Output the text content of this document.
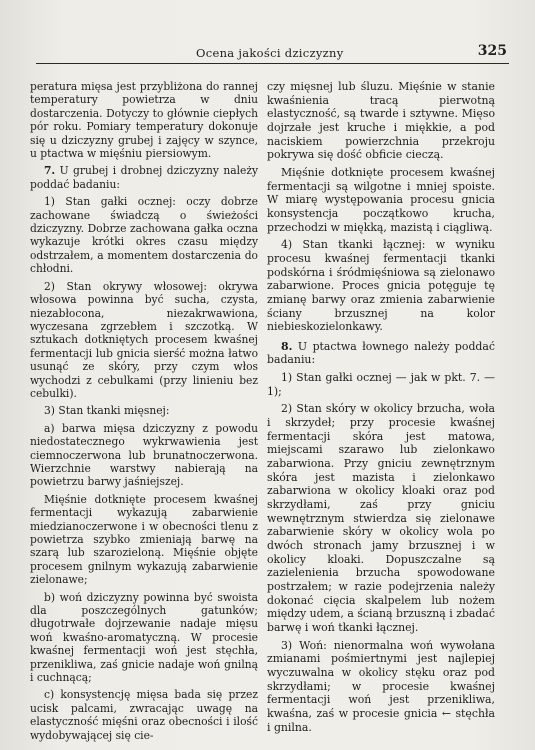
Ocena jakości dziczyzny	325

peratura mięsa jest przybliżona do rannej temperatury powietrza w dniu dostarczenia. Dotyczy to głównie ciepłych pór roku. Pomiary temperatury dokonuje się u dziczyzny grubej i zajęcy w szynce, u ptactwa w mięśniu piersiowym.

7. U grubej i drobnej dziczyzny należy poddać badaniu:

1) Stan gałki ocznej: oczy dobrze zachowane świadczą o świeżości dziczyzny. Dobrze zachowana gałka oczna wykazuje krótki okres czasu między odstrzałem, a momentem dostarczenia do chłodni.

2) Stan okrywy włosowej: okrywa włosowa powinna być sucha, czysta, niezabłocona, niezakrwawiona, wyczesana zgrzebłem i szczotką. W sztukach dotkniętych procesem kwaśnej fermentacji lub gnicia sierść można łatwo usunąć ze skóry, przy czym włos wychodzi z cebulkami (przy linieniu bez cebulki).

3) Stan tkanki mięsnej:

a) barwa mięsa dziczyzny z powodu niedostatecznego wykrwawienia jest ciemnoczerwona lub brunatnoczerwona. Wierzchnie warstwy nabierają na powietrzu barwy jaśniejszej.

Mięśnie dotknięte procesem kwaśnej fermentacji wykazują zabarwienie miedzianoczerwone i w obecności tlenu z powietrza szybko zmieniają barwę na szarą lub szarozieloną. Mięśnie objęte procesem gnilnym wykazują zabarwienie zielonawe;

b) woń dziczyzny powinna być swoista dla poszczególnych gatunków; długotrwałe dojrzewanie nadaje mięsu woń kwaśno-aromatyczną. W procesie kwaśnej fermentacji woń jest stęchła, przenikliwa, zaś gnicie nadaje woń gnilną i cuchnącą;

c) konsystencję mięsa bada się przez ucisk palcami, zwracając uwagę na elastyczność mięśni oraz obecności i ilość wydobywającej się cie-

czy mięsnej lub śluzu. Mięśnie w stanie kwaśnienia tracą pierwotną elastyczność, są twarde i sztywne. Mięso dojrzałe jest kruche i miękkie, a pod naciskiem powierzchnia przekroju pokrywa się dość obficie cieczą.

Mięśnie dotknięte procesem kwaśnej fermentacji są wilgotne i mniej spoiste. W miarę występowania procesu gnicia konsystencja początkowo krucha, przechodzi w miękką, mazistą i ciągliwą.

4) Stan tkanki łącznej: w wyniku procesu kwaśnej fermentacji tkanki podskórna i śródmięśniowa są zielonawo zabarwione. Proces gnicia potęguje tę zmianę barwy oraz zmienia zabarwienie ściany brzusznej na kolor niebieskozielonkawy.

8. U ptactwa łownego należy poddać badaniu:

1) Stan gałki ocznej — jak w pkt. 7. — 1);

2) Stan skóry w okolicy brzucha, woła i skrzydeł; przy procesie kwaśnej fermentacji skóra jest matowa, miejscami szarawo lub zielonkawo zabarwiona. Przy gniciu zewnętrznym skóra jest mazista i zielonkawo zabarwiona w okolicy kloaki oraz pod skrzydłami, zaś przy gniciu wewnętrznym stwierdza się zielonawe zabarwienie skóry w okolicy wola po dwóch stronach jamy brzusznej i w okolicy kloaki. Dopuszczalne są zazielenienia brzucha spowodowane postrzałem; w razie podejrzenia należy dokonać cięcia skalpelem lub nożem między udem, a ścianą brzuszną i zbadać barwę i woń tkanki łącznej.

3) Woń: nienormalna woń wywołana zmianami pośmiertnymi jest najlepiej wyczuwalna w okolicy stęku oraz pod skrzydłami; w procesie kwaśnej fermentacji woń jest przenikliwa, kwaśna, zaś w procesie gnicia ← stęchła i gnilna.
